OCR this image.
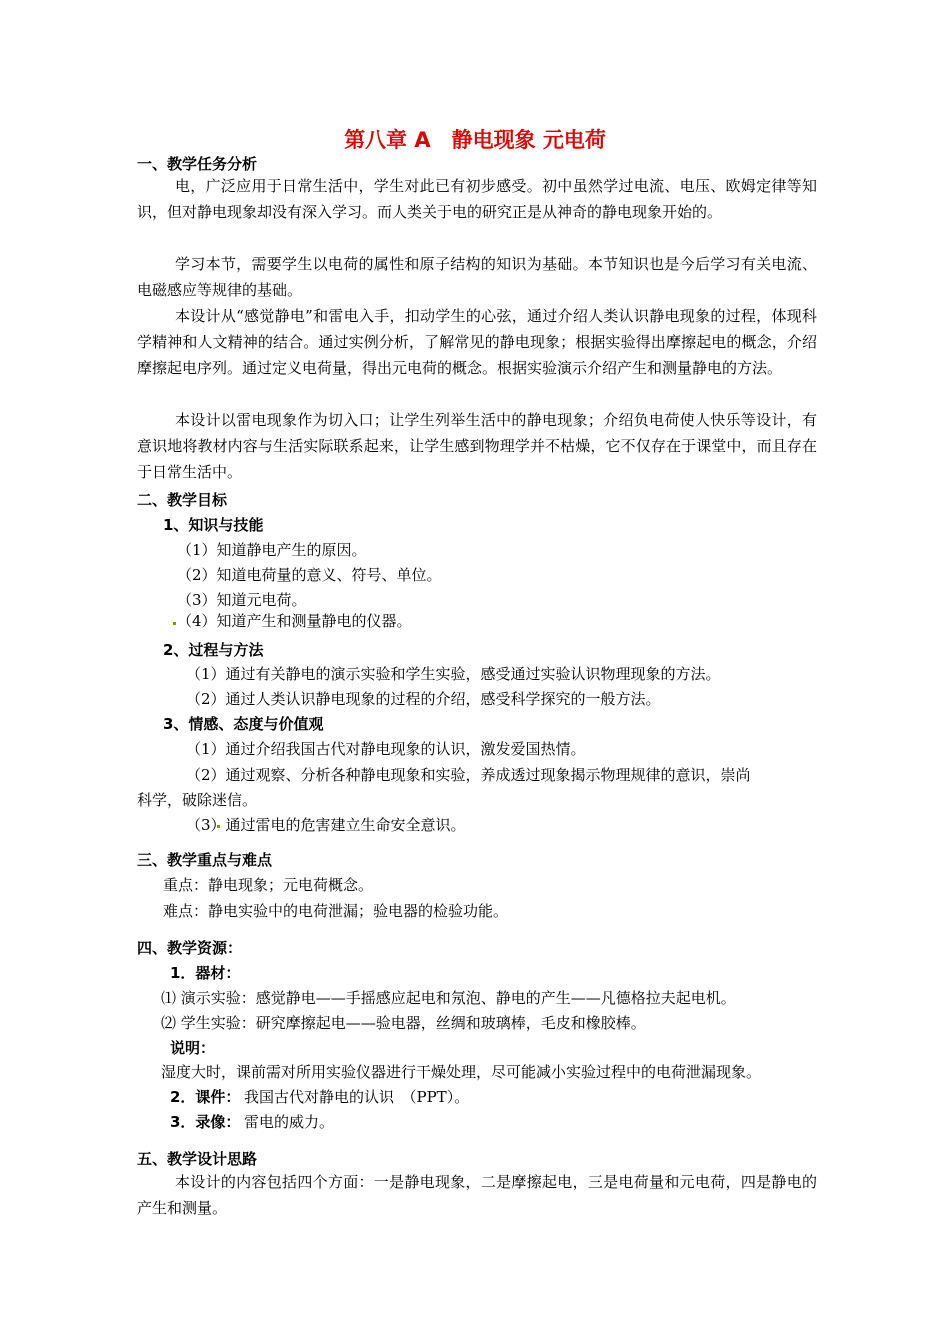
第八章 A　静电现象 元电荷
一、教学任务分析
电，广泛应用于日常生活中，学生对此已有初步感受。初中虽然学过电流、电压、欧姆定律等知识，但对静电现象却没有深入学习。而人类关于电的研究正是从神奇的静电现象开始的。
学习本节，需要学生以电荷的属性和原子结构的知识为基础。本节知识也是今后学习有关电流、电磁感应等规律的基础。
本设计从“感觉静电”和雷电入手，扣动学生的心弦，通过介绍人类认识静电现象的过程，体现科学精神和人文精神的结合。通过实例分析，了解常见的静电现象；根据实验得出摩擦起电的概念，介绍摩擦起电序列。通过定义电荷量，得出元电荷的概念。根据实验演示介绍产生和测量静电的方法。
本设计以雷电现象作为切入口；让学生列举生活中的静电现象；介绍负电荷使人快乐等设计，有意识地将教材内容与生活实际联系起来，让学生感到物理学并不枯燥，它不仅存在于课堂中，而且存在于日常生活中。
二、教学目标
1、知识与技能
（1）知道静电产生的原因。
（2）知道电荷量的意义、符号、单位。
（3）知道元电荷。
（4）知道产生和测量静电的仪器。
2、过程与方法
（1）通过有关静电的演示实验和学生实验，感受通过实验认识物理现象的方法。
（2）通过人类认识静电现象的过程的介绍，感受科学探究的一般方法。
3、情感、态度与价值观
（1）通过介绍我国古代对静电现象的认识，激发爱国热情。
（2）通过观察、分析各种静电现象和实验，养成透过现象揭示物理规律的意识，崇尚
科学，破除迷信。
（3）通过雷电的危害建立生命安全意识。
三、教学重点与难点
重点：静电现象；元电荷概念。
难点：静电实验中的电荷泄漏；验电器的检验功能。
四、教学资源：
1．器材：
⑴ 演示实验：感觉静电——手摇感应起电和氖泡、静电的产生——凡德格拉夫起电机。
⑵ 学生实验：研究摩擦起电——验电器，丝绸和玻璃棒，毛皮和橡胶棒。
说明：
湿度大时，课前需对所用实验仪器进行干燥处理，尽可能减小实验过程中的电荷泄漏现象。
2．课件： 我国古代对静电的认识　（PPT）。
3．录像： 雷电的威力。
五、教学设计思路
本设计的内容包括四个方面：一是静电现象，二是摩擦起电，三是电荷量和元电荷，四是静电的产生和测量。
